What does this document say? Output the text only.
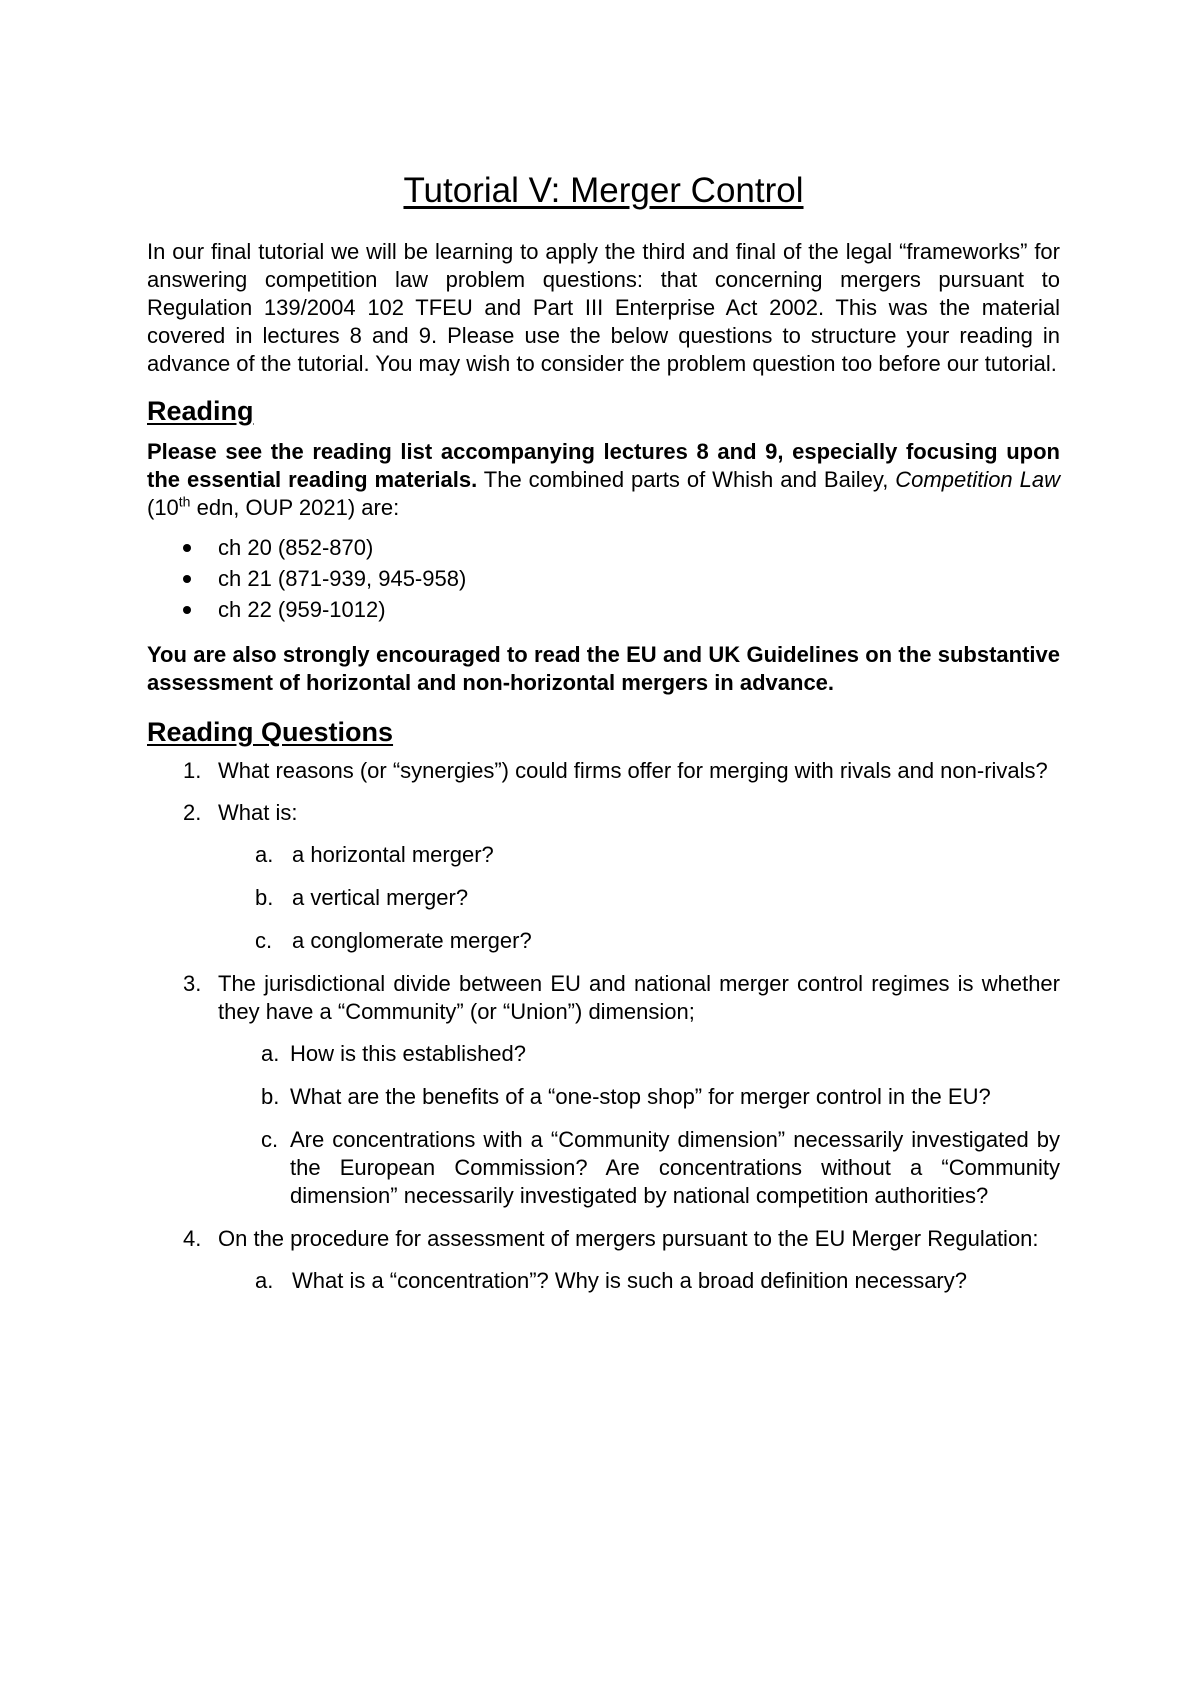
Tutorial V: Merger Control

In our final tutorial we will be learning to apply the third and final of the legal “frameworks” for answering competition law problem questions: that concerning mergers pursuant to Regulation 139/2004 102 TFEU and Part III Enterprise Act 2002. This was the material covered in lectures 8 and 9. Please use the below questions to structure your reading in advance of the tutorial. You may wish to consider the problem question too before our tutorial.

Reading

Please see the reading list accompanying lectures 8 and 9, especially focusing upon the essential reading materials. The combined parts of Whish and Bailey, Competition Law (10th edn, OUP 2021) are:

ch 20 (852-870)
ch 21 (871-939, 945-958)
ch 22 (959-1012)

You are also strongly encouraged to read the EU and UK Guidelines on the substantive assessment of horizontal and non-horizontal mergers in advance.

Reading Questions
1. What reasons (or “synergies”) could firms offer for merging with rivals and non-rivals?
2. What is:
a. a horizontal merger?
b. a vertical merger?
c. a conglomerate merger?
3. The jurisdictional divide between EU and national merger control regimes is whether they have a “Community” (or “Union”) dimension;
a. How is this established?
b. What are the benefits of a “one-stop shop” for merger control in the EU?
c. Are concentrations with a “Community dimension” necessarily investigated by the European Commission? Are concentrations without a “Community dimension” necessarily investigated by national competition authorities?
4. On the procedure for assessment of mergers pursuant to the EU Merger Regulation:
a. What is a “concentration”? Why is such a broad definition necessary?
